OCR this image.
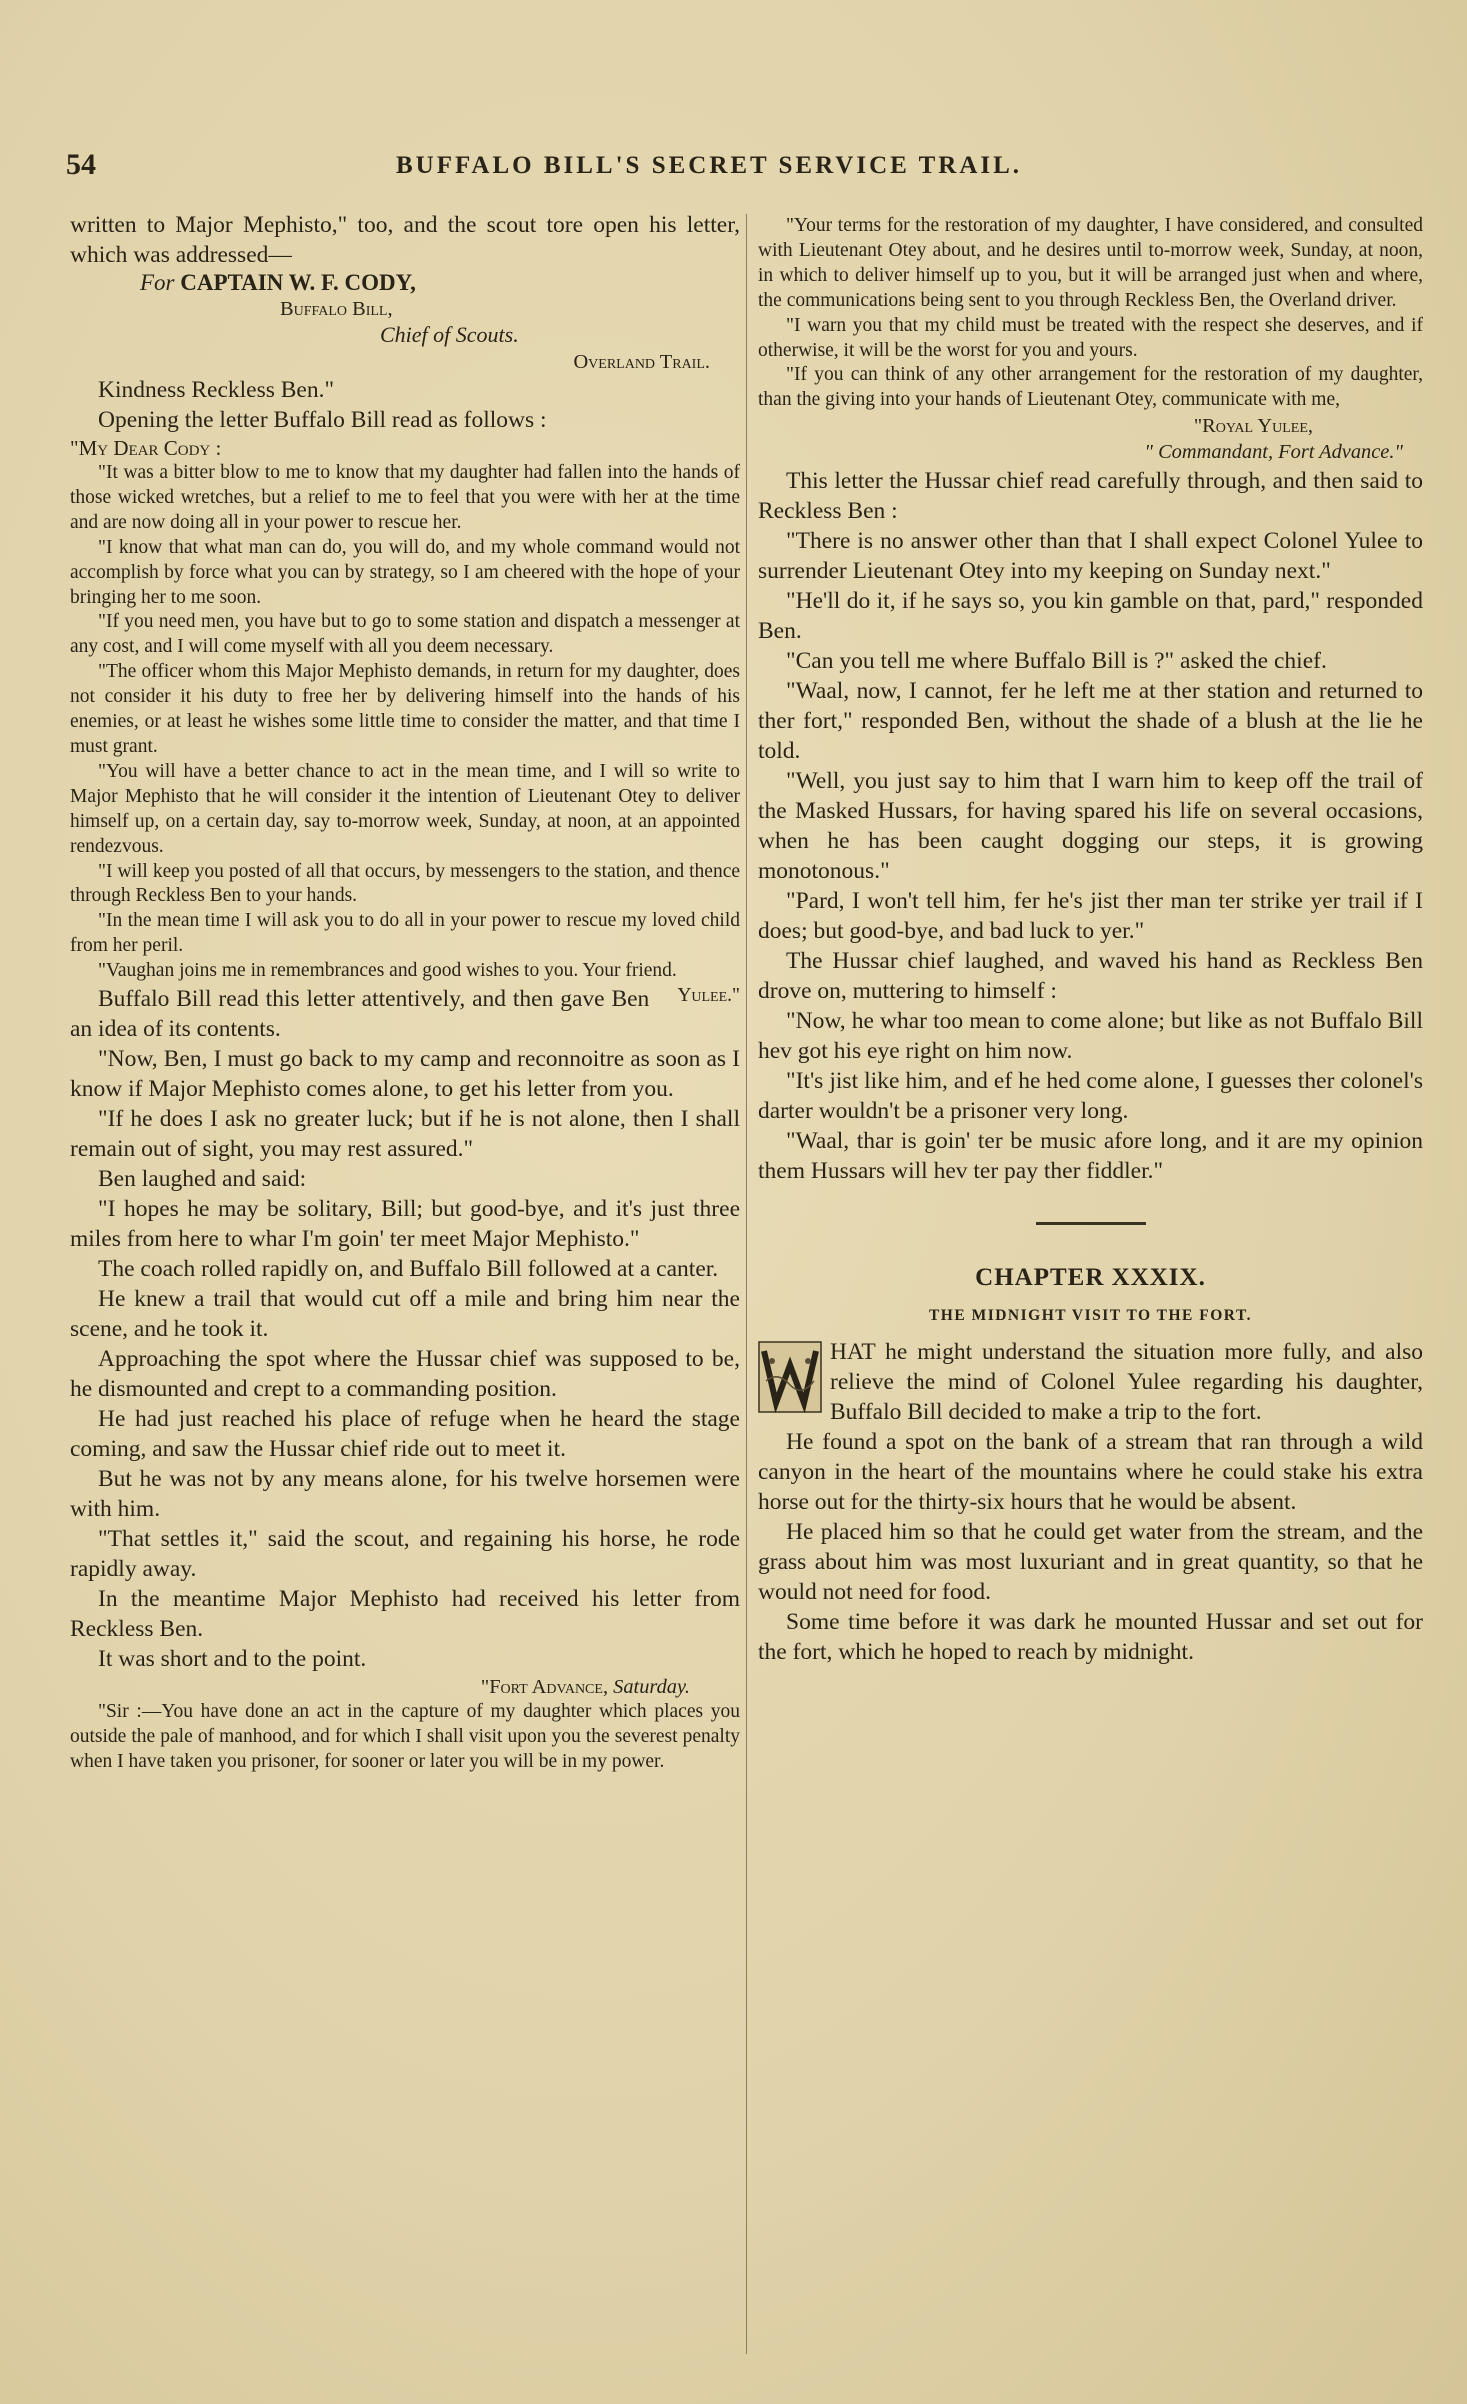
54	BUFFALO BILL'S SECRET SERVICE TRAIL.

written to Major Mephisto," too, and the scout tore open his letter, which was addressed—

For CAPTAIN W. F. CODY,

Buffalo Bill,

Chief of Scouts.

Overland Trail.

Kindness Reckless Ben."

Opening the letter Buffalo Bill read as follows :

"My Dear Cody :

"It was a bitter blow to me to know that my daughter had fallen into the hands of those wicked wretches, but a relief to me to feel that you were with her at the time and are now doing all in your power to rescue her.

"I know that what man can do, you will do, and my whole command would not accomplish by force what you can by strategy, so I am cheered with the hope of your bringing her to me soon.

"If you need men, you have but to go to some station and dispatch a messenger at any cost, and I will come myself with all you deem necessary.

"The officer whom this Major Mephisto demands, in return for my daughter, does not consider it his duty to free her by delivering himself into the hands of his enemies, or at least he wishes some little time to consider the matter, and that time I must grant.

"You will have a better chance to act in the mean time, and I will so write to Major Mephisto that he will consider it the intention of Lieutenant Otey to deliver himself up, on a certain day, say to-morrow week, Sunday, at noon, at an appointed rendezvous.

"I will keep you posted of all that occurs, by messengers to the station, and thence through Reckless Ben to your hands.

"In the mean time I will ask you to do all in your power to rescue my loved child from her peril.

"Vaughan joins me in remembrances and good wishes to you. Your friend.
Yulee."

Buffalo Bill read this letter attentively, and then gave Ben an idea of its contents.

"Now, Ben, I must go back to my camp and reconnoitre as soon as I know if Major Mephisto comes alone, to get his letter from you.

"If he does I ask no greater luck; but if he is not alone, then I shall remain out of sight, you may rest assured."

Ben laughed and said:

"I hopes he may be solitary, Bill; but good-bye, and it's just three miles from here to whar I'm goin' ter meet Major Mephisto."

The coach rolled rapidly on, and Buffalo Bill followed at a canter.

He knew a trail that would cut off a mile and bring him near the scene, and he took it.

Approaching the spot where the Hussar chief was supposed to be, he dismounted and crept to a commanding position.

He had just reached his place of refuge when he heard the stage coming, and saw the Hussar chief ride out to meet it.

But he was not by any means alone, for his twelve horsemen were with him.

"That settles it," said the scout, and regaining his horse, he rode rapidly away.

In the meantime Major Mephisto had received his letter from Reckless Ben.

It was short and to the point.

"Fort Advance, Saturday.

"Sir :—You have done an act in the capture of my daughter which places you outside the pale of manhood, and for which I shall visit upon you the severest penalty when I have taken you prisoner, for sooner or later you will be in my power.

"Your terms for the restoration of my daughter, I have considered, and consulted with Lieutenant Otey about, and he desires until to-morrow week, Sunday, at noon, in which to deliver himself up to you, but it will be arranged just when and where, the communications being sent to you through Reckless Ben, the Overland driver.

"I warn you that my child must be treated with the respect she deserves, and if otherwise, it will be the worst for you and yours.

"If you can think of any other arrangement for the restoration of my daughter, than the giving into your hands of Lieutenant Otey, communicate with me,

"Royal Yulee,

" Commandant, Fort Advance."

This letter the Hussar chief read carefully through, and then said to Reckless Ben :

"There is no answer other than that I shall expect Colonel Yulee to surrender Lieutenant Otey into my keeping on Sunday next."

"He'll do it, if he says so, you kin gamble on that, pard," responded Ben.

"Can you tell me where Buffalo Bill is ?" asked the chief.

"Waal, now, I cannot, fer he left me at ther station and returned to ther fort," responded Ben, without the shade of a blush at the lie he told.

"Well, you just say to him that I warn him to keep off the trail of the Masked Hussars, for having spared his life on several occasions, when he has been caught dogging our steps, it is growing monotonous."

"Pard, I won't tell him, fer he's jist ther man ter strike yer trail if I does; but good-bye, and bad luck to yer."

The Hussar chief laughed, and waved his hand as Reckless Ben drove on, muttering to himself :

"Now, he whar too mean to come alone; but like as not Buffalo Bill hev got his eye right on him now.

"It's jist like him, and ef he hed come alone, I guesses ther colonel's darter wouldn't be a prisoner very long.

"Waal, thar is goin' ter be music afore long, and it are my opinion them Hussars will hev ter pay ther fiddler."

CHAPTER XXXIX.
THE MIDNIGHT VISIT TO THE FORT.

HAT he might understand the situation more fully, and also relieve the mind of Colonel Yulee regarding his daughter, Buffalo Bill decided to make a trip to the fort.

He found a spot on the bank of a stream that ran through a wild canyon in the heart of the mountains where he could stake his extra horse out for the thirty-six hours that he would be absent.

He placed him so that he could get water from the stream, and the grass about him was most luxuriant and in great quantity, so that he would not need for food.

Some time before it was dark he mounted Hussar and set out for the fort, which he hoped to reach by midnight.
